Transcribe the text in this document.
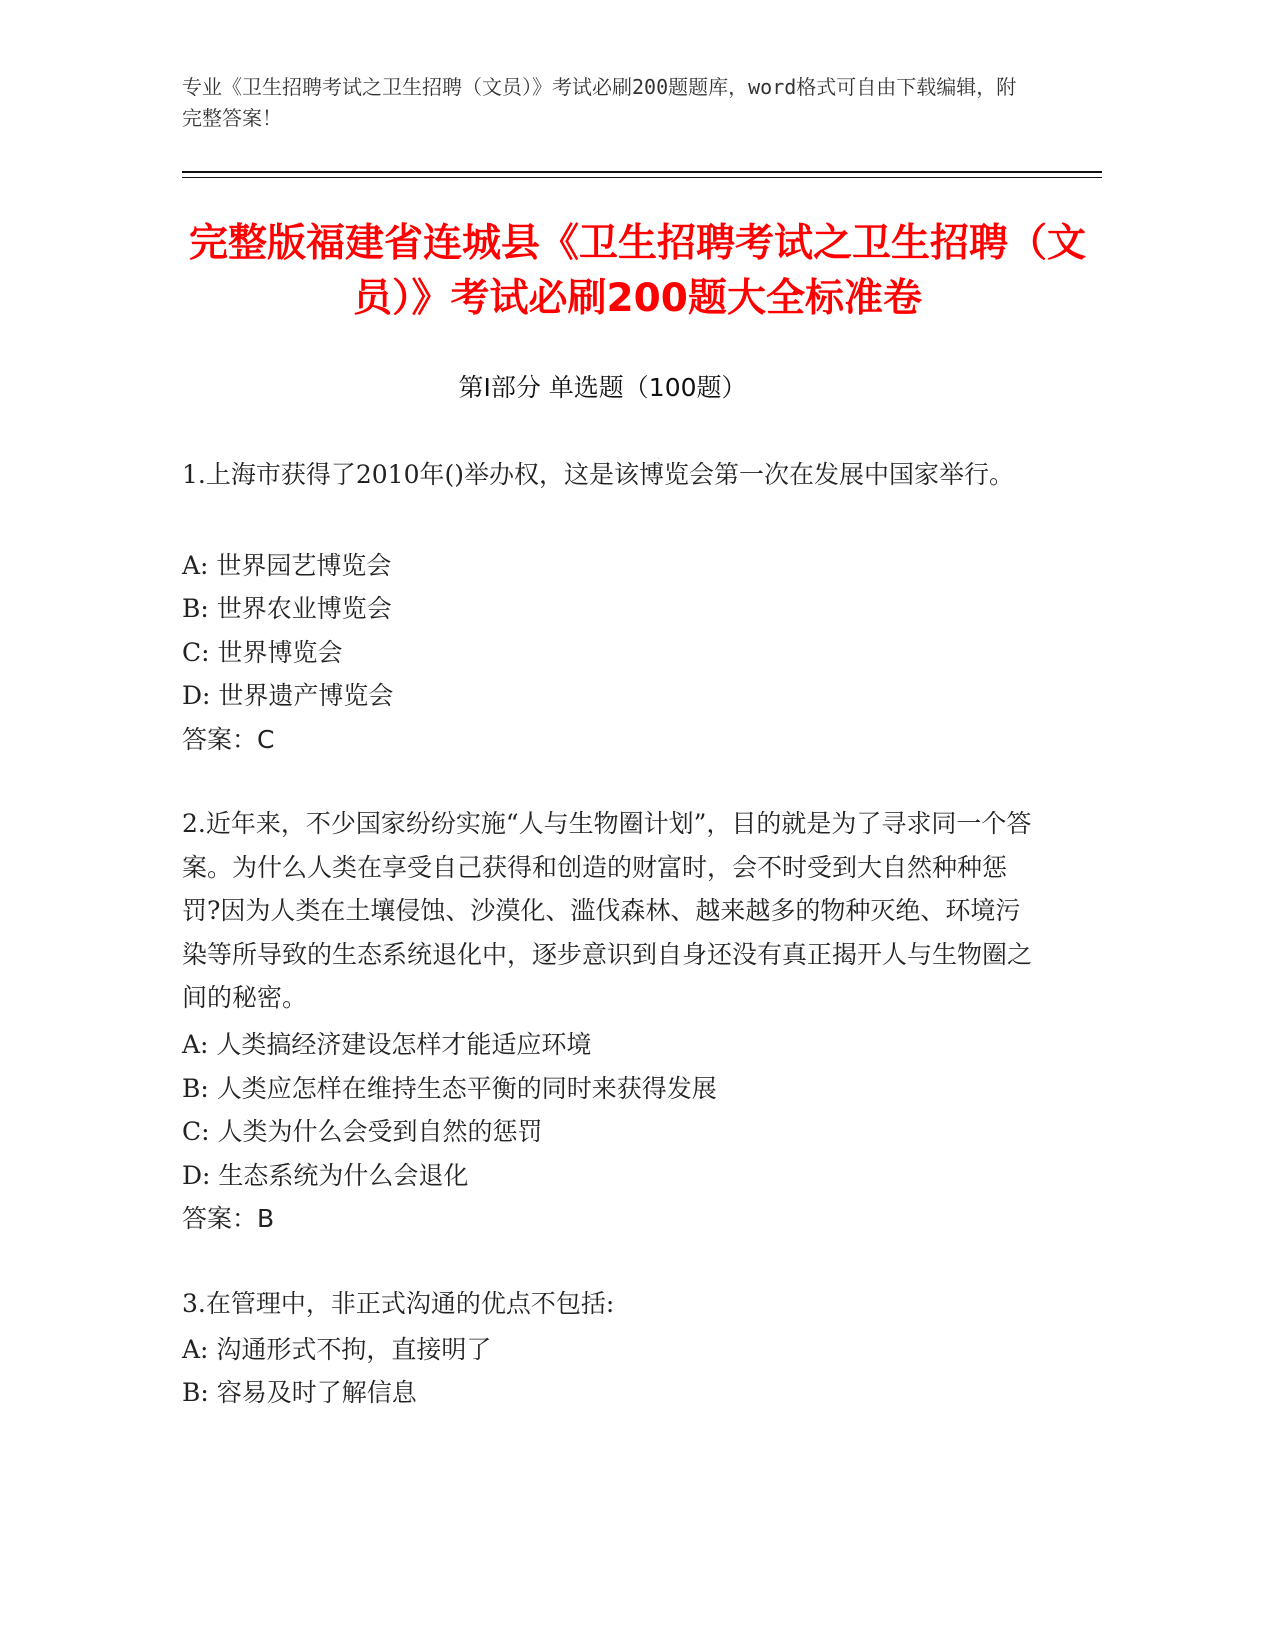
专业《卫生招聘考试之卫生招聘（文员）》考试必刷200题题库，word格式可自由下载编辑，附完整答案！
完整版福建省连城县《卫生招聘考试之卫生招聘（文员）》考试必刷200题大全标准卷
第I部分 单选题（100题）
1.上海市获得了2010年()举办权，这是该博览会第一次在发展中国家举行。
A: 世界园艺博览会
B: 世界农业博览会
C: 世界博览会
D: 世界遗产博览会
答案：C
2.近年来，不少国家纷纷实施“人与生物圈计划”，目的就是为了寻求同一个答案。为什么人类在享受自己获得和创造的财富时，会不时受到大自然种种惩罚?因为人类在土壤侵蚀、沙漠化、滥伐森林、越来越多的物种灭绝、环境污染等所导致的生态系统退化中，逐步意识到自身还没有真正揭开人与生物圈之间的秘密。
A: 人类搞经济建设怎样才能适应环境
B: 人类应怎样在维持生态平衡的同时来获得发展
C: 人类为什么会受到自然的惩罚
D: 生态系统为什么会退化
答案：B
3.在管理中，非正式沟通的优点不包括:
A: 沟通形式不拘，直接明了
B: 容易及时了解信息
